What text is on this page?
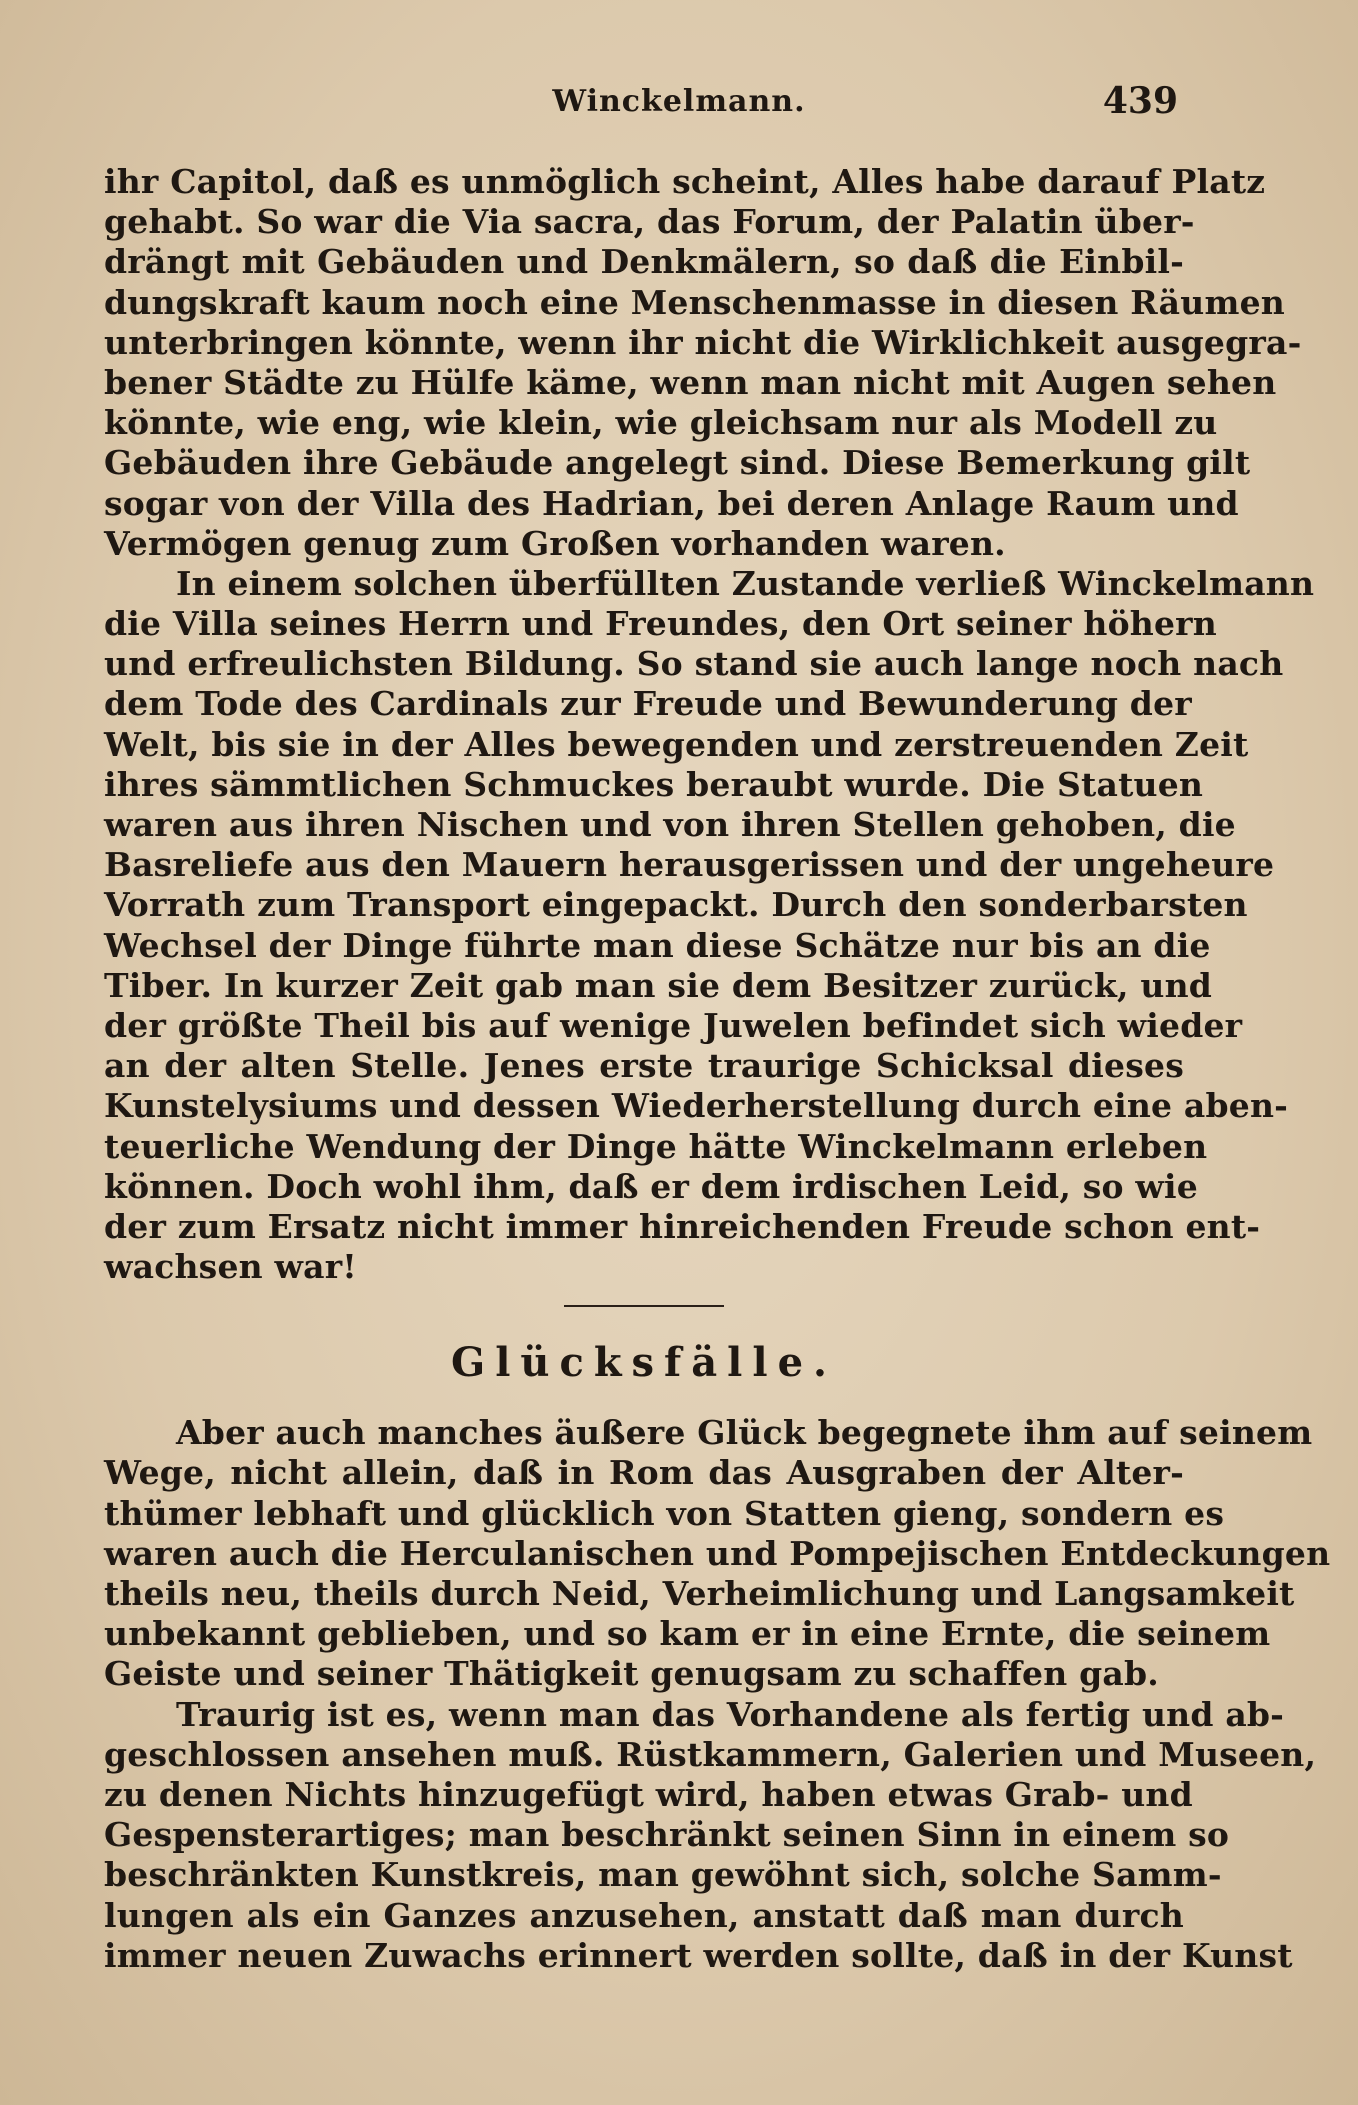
Winckelmann.	439
ihr Capitol, daß es unmöglich scheint, Alles habe darauf Platz
gehabt. So war die Via sacra, das Forum, der Palatin über-
drängt mit Gebäuden und Denkmälern, so daß die Einbil-
dungskraft kaum noch eine Menschenmasse in diesen Räumen
unterbringen könnte, wenn ihr nicht die Wirklichkeit ausgegra-
bener Städte zu Hülfe käme, wenn man nicht mit Augen sehen
könnte, wie eng, wie klein, wie gleichsam nur als Modell zu
Gebäuden ihre Gebäude angelegt sind. Diese Bemerkung gilt
sogar von der Villa des Hadrian, bei deren Anlage Raum und
Vermögen genug zum Großen vorhanden waren.
In einem solchen überfüllten Zustande verließ Winckelmann
die Villa seines Herrn und Freundes, den Ort seiner höhern
und erfreulichsten Bildung. So stand sie auch lange noch nach
dem Tode des Cardinals zur Freude und Bewunderung der
Welt, bis sie in der Alles bewegenden und zerstreuenden Zeit
ihres sämmtlichen Schmuckes beraubt wurde. Die Statuen
waren aus ihren Nischen und von ihren Stellen gehoben, die
Basreliefe aus den Mauern herausgerissen und der ungeheure
Vorrath zum Transport eingepackt. Durch den sonderbarsten
Wechsel der Dinge führte man diese Schätze nur bis an die
Tiber. In kurzer Zeit gab man sie dem Besitzer zurück, und
der größte Theil bis auf wenige Juwelen befindet sich wieder
an der alten Stelle. Jenes erste traurige Schicksal dieses
Kunstelysiums und dessen Wiederherstellung durch eine aben-
teuerliche Wendung der Dinge hätte Winckelmann erleben
können. Doch wohl ihm, daß er dem irdischen Leid, so wie
der zum Ersatz nicht immer hinreichenden Freude schon ent-
wachsen war!
Glücksfälle.
Aber auch manches äußere Glück begegnete ihm auf seinem
Wege, nicht allein, daß in Rom das Ausgraben der Alter-
thümer lebhaft und glücklich von Statten gieng, sondern es
waren auch die Herculanischen und Pompejischen Entdeckungen
theils neu, theils durch Neid, Verheimlichung und Langsamkeit
unbekannt geblieben, und so kam er in eine Ernte, die seinem
Geiste und seiner Thätigkeit genugsam zu schaffen gab.
Traurig ist es, wenn man das Vorhandene als fertig und ab-
geschlossen ansehen muß. Rüstkammern, Galerien und Museen,
zu denen Nichts hinzugefügt wird, haben etwas Grab- und
Gespensterartiges; man beschränkt seinen Sinn in einem so
beschränkten Kunstkreis, man gewöhnt sich, solche Samm-
lungen als ein Ganzes anzusehen, anstatt daß man durch
immer neuen Zuwachs erinnert werden sollte, daß in der Kunst
